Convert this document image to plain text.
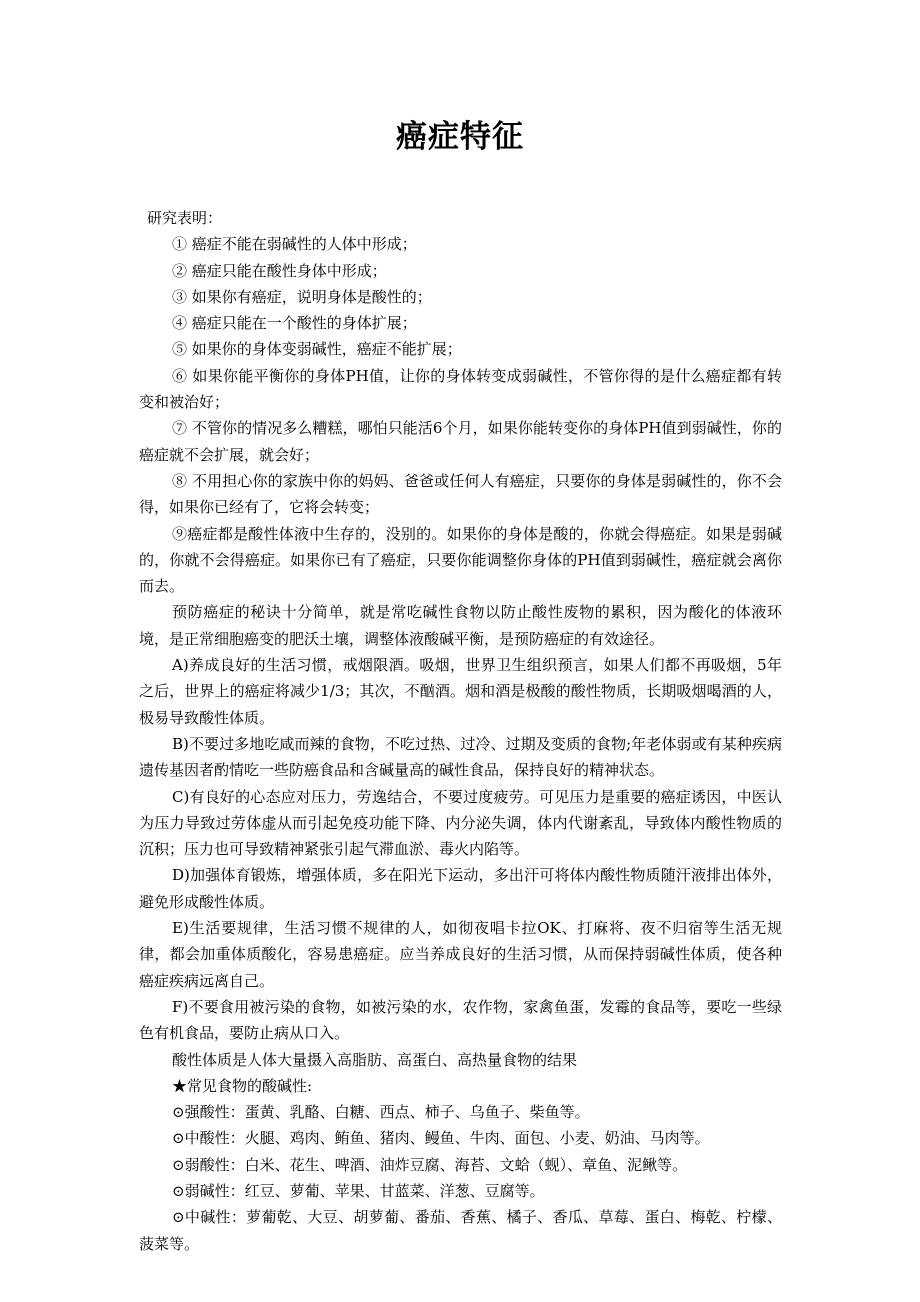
癌症特征

研究表明：

① 癌症不能在弱碱性的人体中形成；

② 癌症只能在酸性身体中形成；

③ 如果你有癌症，说明身体是酸性的；

④ 癌症只能在一个酸性的身体扩展；

⑤ 如果你的身体变弱碱性，癌症不能扩展；

⑥ 如果你能平衡你的身体PH值，让你的身体转变成弱碱性，不管你得的是什么癌症都有转变和被治好；

⑦ 不管你的情况多么糟糕，哪怕只能活6个月，如果你能转变你的身体PH值到弱碱性，你的癌症就不会扩展，就会好；

⑧ 不用担心你的家族中你的妈妈、爸爸或任何人有癌症，只要你的身体是弱碱性的，你不会得，如果你已经有了，它将会转变；

⑨癌症都是酸性体液中生存的，没别的。如果你的身体是酸的，你就会得癌症。如果是弱碱的，你就不会得癌症。如果你已有了癌症，只要你能调整你身体的PH值到弱碱性，癌症就会离你而去。

预防癌症的秘诀十分简单，就是常吃碱性食物以防止酸性废物的累积，因为酸化的体液环境，是正常细胞癌变的肥沃土壤，调整体液酸碱平衡，是预防癌症的有效途径。

A)养成良好的生活习惯，戒烟限酒。吸烟，世界卫生组织预言，如果人们都不再吸烟，5年之后，世界上的癌症将减少1/3；其次，不酗酒。烟和酒是极酸的酸性物质，长期吸烟喝酒的人，极易导致酸性体质。

B)不要过多地吃咸而辣的食物，不吃过热、过冷、过期及变质的食物;年老体弱或有某种疾病遗传基因者酌情吃一些防癌食品和含碱量高的碱性食品，保持良好的精神状态。

C)有良好的心态应对压力，劳逸结合，不要过度疲劳。可见压力是重要的癌症诱因，中医认为压力导致过劳体虚从而引起免疫功能下降、内分泌失调，体内代谢紊乱，导致体内酸性物质的沉积；压力也可导致精神紧张引起气滞血淤、毒火内陷等。

D)加强体育锻炼，增强体质，多在阳光下运动，多出汗可将体内酸性物质随汗液排出体外，避免形成酸性体质。

E)生活要规律，生活习惯不规律的人，如彻夜唱卡拉OK、打麻将、夜不归宿等生活无规律，都会加重体质酸化，容易患癌症。应当养成良好的生活习惯，从而保持弱碱性体质，使各种癌症疾病远离自己。

F)不要食用被污染的食物，如被污染的水，农作物，家禽鱼蛋，发霉的食品等，要吃一些绿色有机食品，要防止病从口入。

酸性体质是人体大量摄入高脂肪、高蛋白、高热量食物的结果

★常见食物的酸碱性:

⊙强酸性：蛋黄、乳酪、白糖、西点、柿子、乌鱼子、柴鱼等。

⊙中酸性：火腿、鸡肉、鲔鱼、猪肉、鳗鱼、牛肉、面包、小麦、奶油、马肉等。

⊙弱酸性：白米、花生、啤酒、油炸豆腐、海苔、文蛤（蚬）、章鱼、泥鳅等。

⊙弱碱性：红豆、萝葡、苹果、甘蓝菜、洋葱、豆腐等。

⊙中碱性：萝葡乾、大豆、胡萝葡、番茄、香蕉、橘子、香瓜、草莓、蛋白、梅乾、柠檬、菠菜等。
